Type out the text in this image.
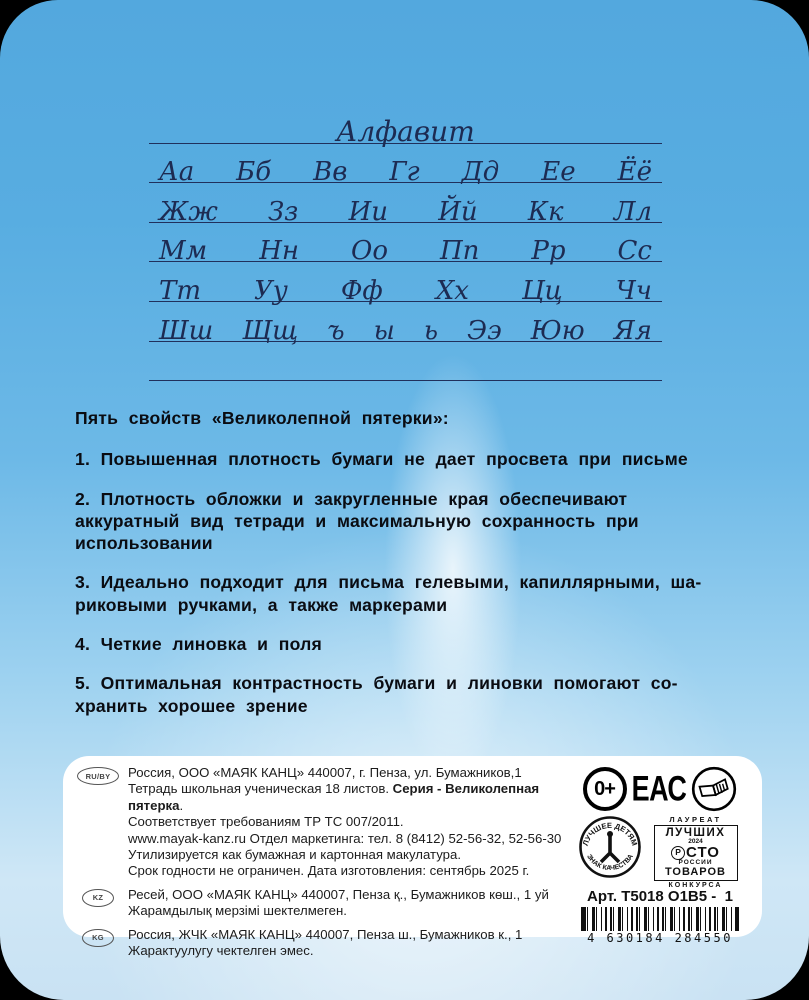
Алфавит
Аа Бб Вв Гг Дд Ее Ёё
Жж Зз Ии Йй Кк Лл
Мм Нн Оо Пп Рр Сс
Тт Уу Фф Хх Цц Чч
Шш Щщ ъ ы ь Ээ Юю Яя
Пять свойств «Великолепной пятерки»:
1. Повышенная плотность бумаги не дает просвета при письме
2. Плотность обложки и закругленные края обеспечивают
аккуратный вид тетради и максимальную сохранность при
использовании
3. Идеально подходит для письма гелевыми, капиллярными, ша-
риковыми ручками, а также маркерами
4. Четкие линовка и поля
5. Оптимальная контрастность бумаги и линовки помогают со-
хранить хорошее зрение
RU/BY	Россия, ООО «МАЯК КАНЦ» 440007, г. Пенза, ул. Бумажников,1
Тетрадь школьная ученическая 18 листов. Серия - Великолепная пятерка.
Соответствует требованиям ТР ТС 007/2011.
www.mayak-kanz.ru Отдел маркетинга: тел. 8 (8412) 52-56-32, 52-56-30
Утилизируется как бумажная и картонная макулатура.
Срок годности не ограничен. Дата изготовления: сентябрь 2025 г.
KZ	Ресей, ООО «МАЯК КАНЦ» 440007, Пенза қ., Бумажников көш., 1 уй
Жарамдылық мерзімі шектелмеген.
KG	Россия, ЖЧК «МАЯК КАНЦ» 440007, Пенза ш., Бумажников к., 1
Жарактуулугу чектелген эмес.
0+ ЕАС
ЛУЧШЕЕ ДЕТЯМ
ЗНАК КАЧЕСТВА
ЛАУРЕАТ
ЛУЧШИХ
2024
Р СТО
РОССИИ
ТОВАРОВ
КОНКУРСА
Арт. Т5018 О1В5 -  1
4 630184 284550
